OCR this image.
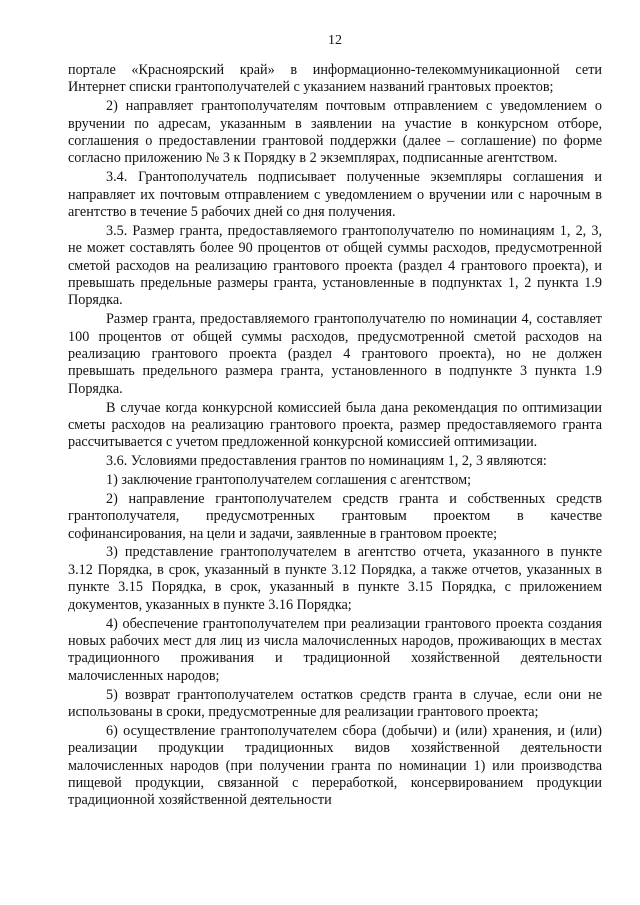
12

порталe «Красноярский край» в информационно-телекоммуникационной сети Интернет списки грантополучателей с указанием названий грантовых проектов;

2) направляет грантополучателям почтовым отправлением с уведомлением о вручении по адресам, указанным в заявлении на участие в конкурсном отборе, соглашения о предоставлении грантовой поддержки (далее – соглашение) по форме согласно приложению № 3 к Порядку в 2 экземплярах, подписанные агентством.

3.4. Грантополучатель подписывает полученные экземпляры соглашения и направляет их почтовым отправлением с уведомлением о вручении или с нарочным в агентство в течение 5 рабочих дней со дня получения.

3.5. Размер гранта, предоставляемого грантополучателю по номинациям 1, 2, 3, не может составлять более 90 процентов от общей суммы расходов, предусмотренной сметой расходов на реализацию грантового проекта (раздел 4 грантового проекта), и превышать предельные размеры гранта, установленные в подпунктах 1, 2 пункта 1.9 Порядка.

Размер гранта, предоставляемого грантополучателю по номинации 4, составляет 100 процентов от общей суммы расходов, предусмотренной сметой расходов на реализацию грантового проекта (раздел 4 грантового проекта), но не должен превышать предельного размера гранта, установленного в подпункте 3 пункта 1.9 Порядка.

В случае когда конкурсной комиссией была дана рекомендация по оптимизации сметы расходов на реализацию грантового проекта, размер предоставляемого гранта рассчитывается с учетом предложенной конкурсной комиссией оптимизации.

3.6. Условиями предоставления грантов по номинациям 1, 2, 3 являются:

1) заключение грантополучателем соглашения с агентством;

2) направление грантополучателем средств гранта и собственных средств грантополучателя, предусмотренных грантовым проектом в качестве софинансирования, на цели и задачи, заявленные в грантовом проекте;

3) представление грантополучателем в агентство отчета, указанного в пункте 3.12 Порядка, в срок, указанный в пункте 3.12 Порядка, а также отчетов, указанных в пункте 3.15 Порядка, в срок, указанный в пункте 3.15 Порядка, с приложением документов, указанных в пункте 3.16 Порядка;

4) обеспечение грантополучателем при реализации грантового проекта создания новых рабочих мест для лиц из числа малочисленных народов, проживающих в местах традиционного проживания и традиционной хозяйственной деятельности малочисленных народов;

5) возврат грантополучателем остатков средств гранта в случае, если они не использованы в сроки, предусмотренные для реализации грантового проекта;

6) осуществление грантополучателем сбора (добычи) и (или) хранения, и (или) реализации продукции традиционных видов хозяйственной деятельности малочисленных народов (при получении гранта по номинации 1) или производства пищевой продукции, связанной с переработкой, консервированием продукции традиционной хозяйственной деятельности
